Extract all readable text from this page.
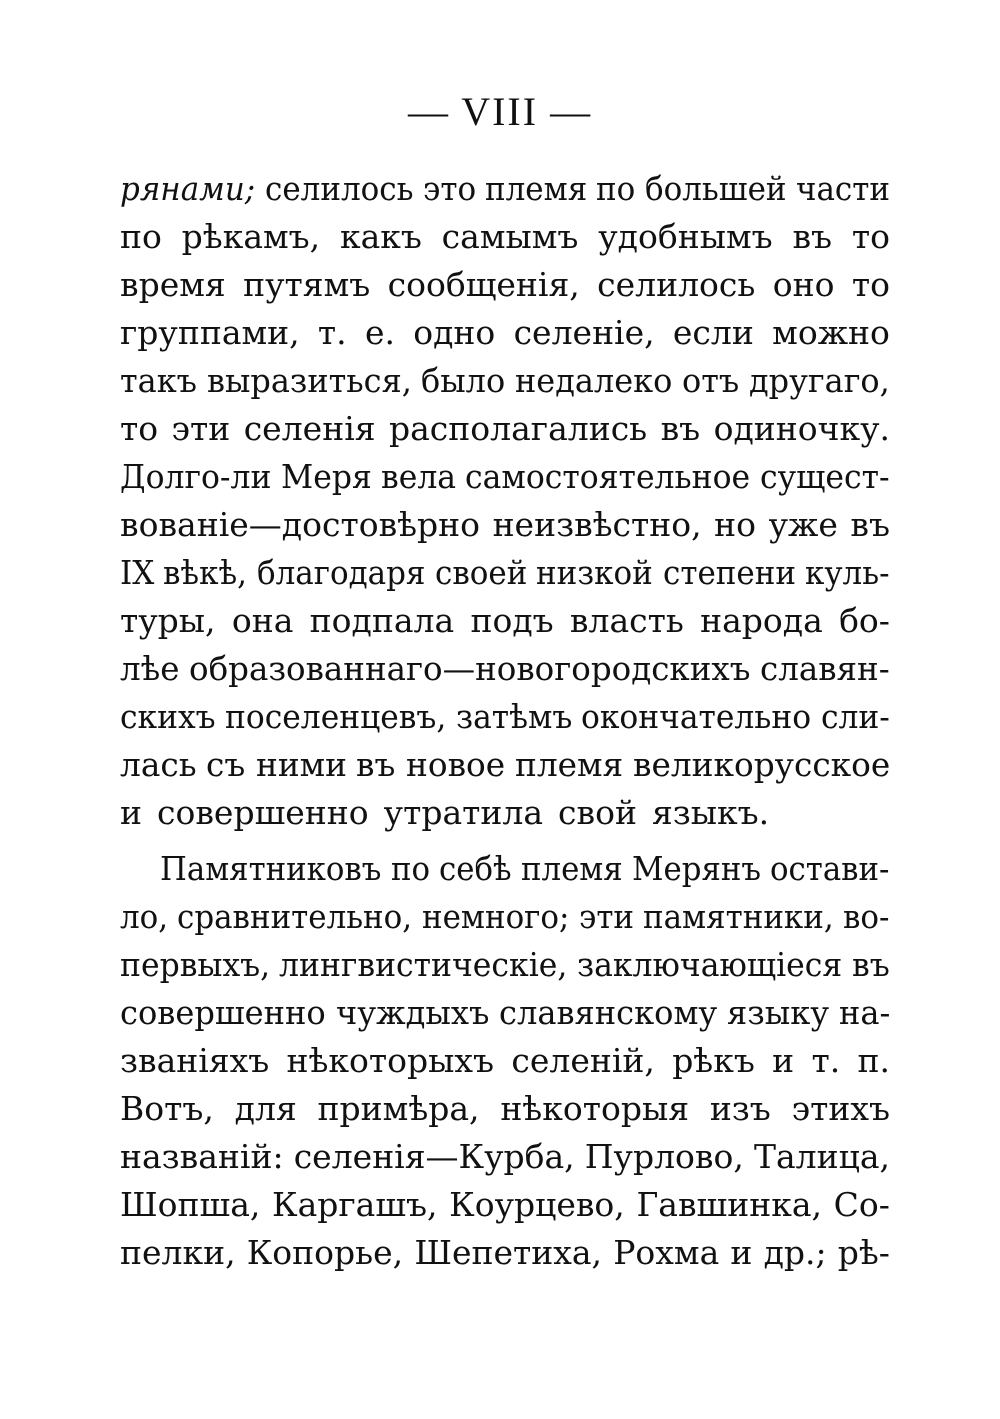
— VIII —
рянами; селилось это племя по большей части
по рѣкамъ, какъ самымъ удобнымъ въ то
время путямъ сообщенія, селилось оно то
группами, т. е. одно селеніе, если можно
такъ выразиться, было недалеко отъ другаго,
то эти селенія располагались въ одиночку.
Долго-ли Меря вела самостоятельное сущест-
вованіе—достовѣрно неизвѣстно, но уже въ
IX вѣкѣ, благодаря своей низкой степени куль-
туры, она подпала подъ власть народа бо-
лѣе образованнаго—новогородскихъ славян-
скихъ поселенцевъ, затѣмъ окончательно сли-
лась съ ними въ новое племя великорусское
и совершенно утратила свой языкъ.
Памятниковъ по себѣ племя Мерянъ остави-
ло, сравнительно, немного; эти памятники, во-
первыхъ, лингвистическіе, заключающіеся въ
совершенно чуждыхъ славянскому языку на-
званіяхъ нѣкоторыхъ селеній, рѣкъ и т. п.
Вотъ, для примѣра, нѣкоторыя изъ этихъ
названій: селенія—Курба, Пурлово, Талица,
Шопша, Каргашъ, Коурцево, Гавшинка, Со-
пелки, Копорье, Шепетиха, Рохма и др.; рѣ-
